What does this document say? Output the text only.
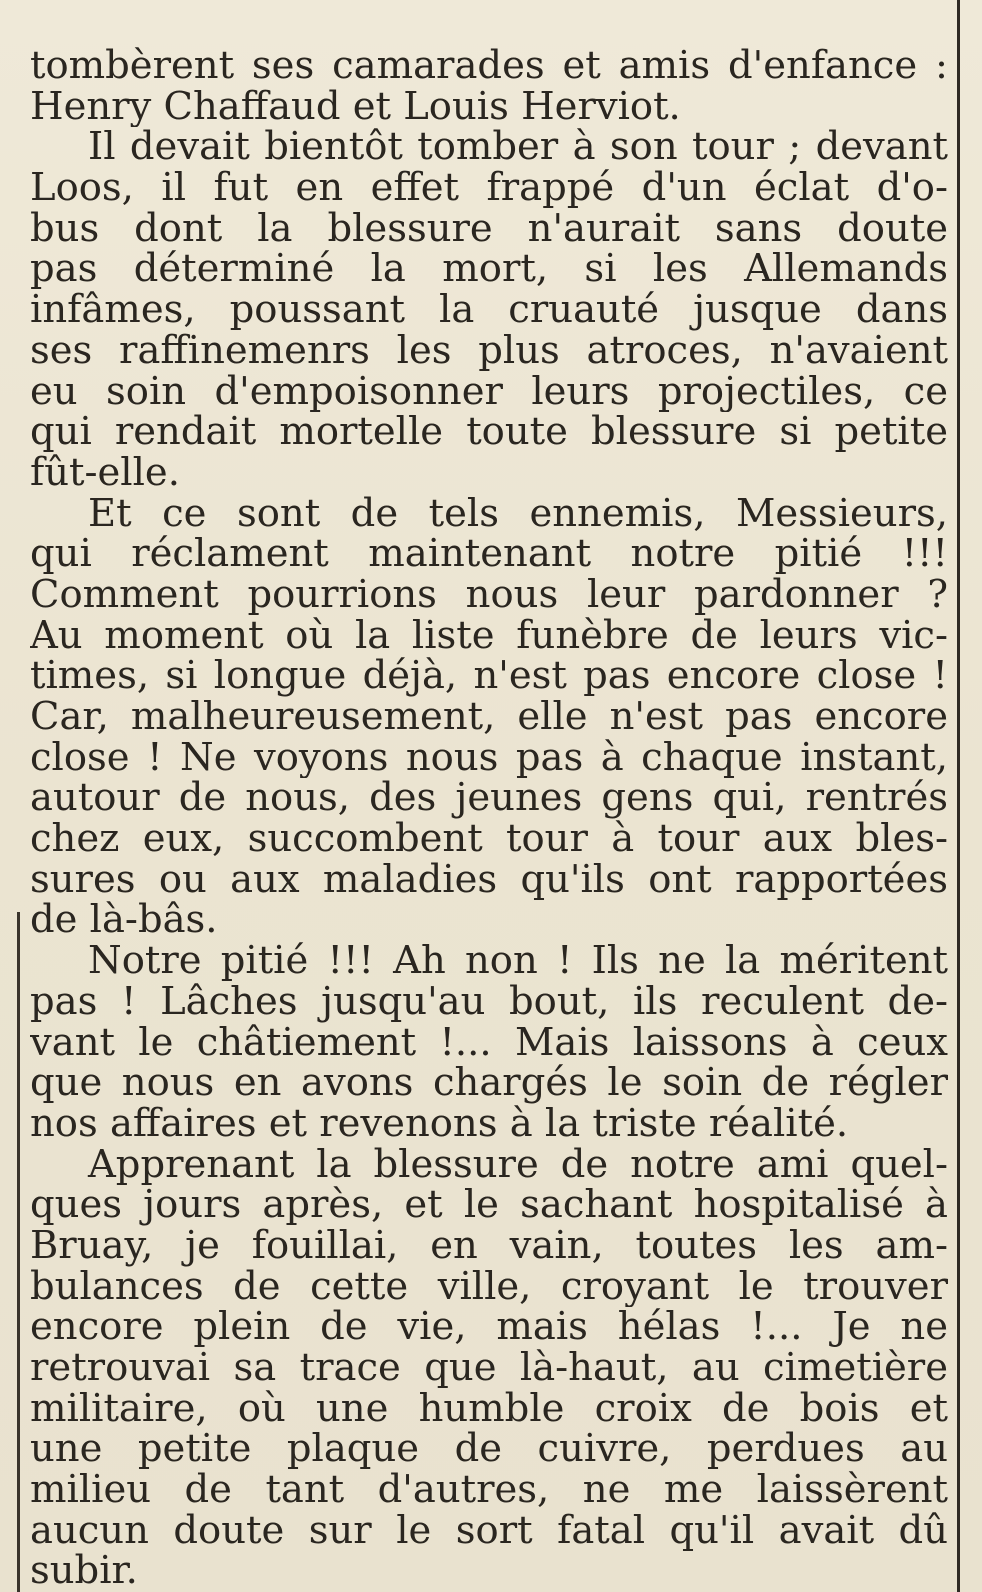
tombèrent ses camarades et amis d'enfance :
Henry Chaffaud et Louis Herviot.
Il devait bientôt tomber à son tour ; devant
Loos, il fut en effet frappé d'un éclat d'o-
bus dont la blessure n'aurait sans doute
pas déterminé la mort, si les Allemands
infâmes, poussant la cruauté jusque dans
ses raffinemenrs les plus atroces, n'avaient
eu soin d'empoisonner leurs projectiles, ce
qui rendait mortelle toute blessure si petite
fût-elle.
Et ce sont de tels ennemis, Messieurs,
qui réclament maintenant notre pitié !!!
Comment pourrions nous leur pardonner ?
Au moment où la liste funèbre de leurs vic-
times, si longue déjà, n'est pas encore close !
Car, malheureusement, elle n'est pas encore
close ! Ne voyons nous pas à chaque instant,
autour de nous, des jeunes gens qui, rentrés
chez eux, succombent tour à tour aux bles-
sures ou aux maladies qu'ils ont rapportées
de là-bâs.
Notre pitié !!! Ah non ! Ils ne la méritent
pas ! Lâches jusqu'au bout, ils reculent de-
vant le châtiement !... Mais laissons à ceux
que nous en avons chargés le soin de régler
nos affaires et revenons à la triste réalité.
Apprenant la blessure de notre ami quel-
ques jours après, et le sachant hospitalisé à
Bruay, je fouillai, en vain, toutes les am-
bulances de cette ville, croyant le trouver
encore plein de vie, mais hélas !... Je ne
retrouvai sa trace que là-haut, au cimetière
militaire, où une humble croix de bois et
une petite plaque de cuivre, perdues au
milieu de tant d'autres, ne me laissèrent
aucun doute sur le sort fatal qu'il avait dû
subir.
